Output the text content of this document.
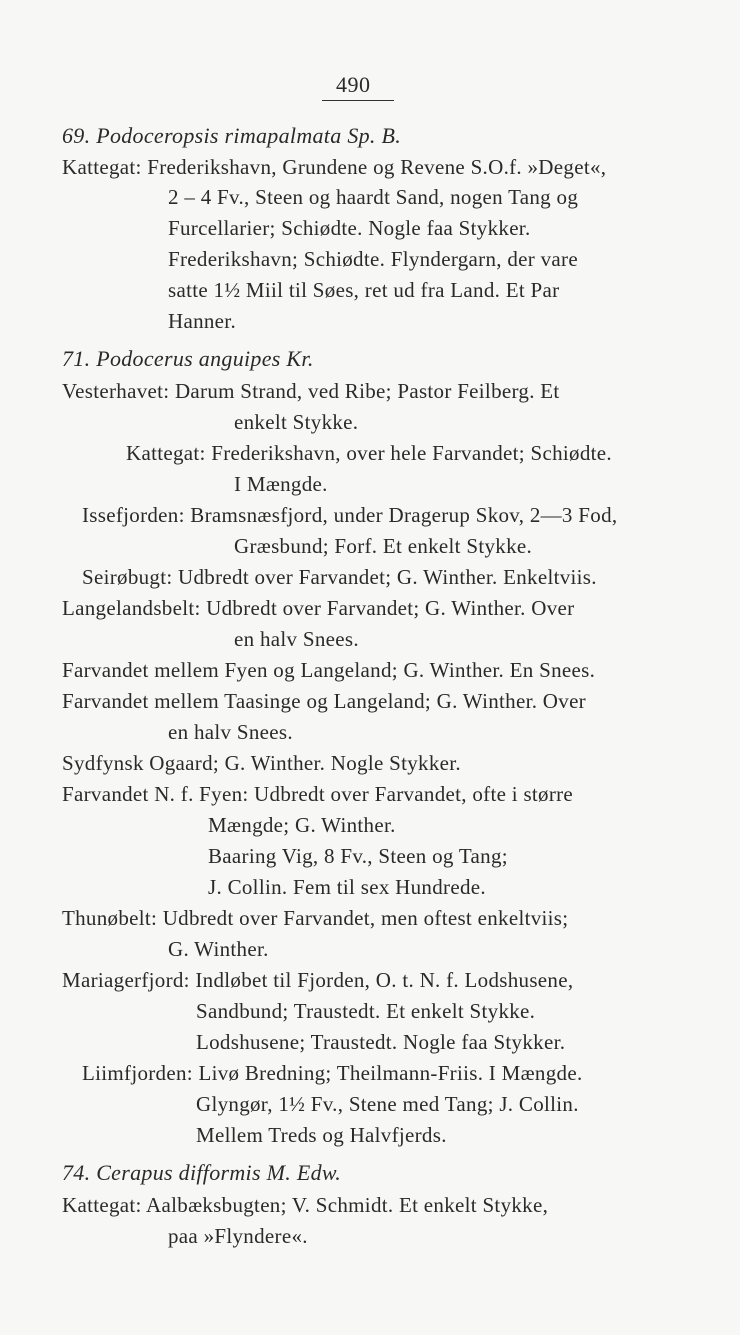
490
69. Podoceropsis rimapalmata Sp. B.
Kattegat: Frederikshavn, Grundene og Revene S.O.f. »Deget«,
2 – 4 Fv., Steen og haardt Sand, nogen Tang og
Furcellarier; Schiødte. Nogle faa Stykker.
Frederikshavn; Schiødte. Flyndergarn, der vare
satte 1½ Miil til Søes, ret ud fra Land. Et Par
Hanner.
71. Podocerus anguipes Kr.
Vesterhavet: Darum Strand, ved Ribe; Pastor Feilberg. Et
enkelt Stykke.
Kattegat: Frederikshavn, over hele Farvandet; Schiødte.
I Mængde.
Issefjorden: Bramsnæsfjord, under Dragerup Skov, 2—3 Fod,
Græsbund; Forf. Et enkelt Stykke.
Seirøbugt: Udbredt over Farvandet; G. Winther. Enkeltviis.
Langelandsbelt: Udbredt over Farvandet; G. Winther. Over
en halv Snees.
Farvandet mellem Fyen og Langeland; G. Winther. En Snees.
Farvandet mellem Taasinge og Langeland; G. Winther. Over
en halv Snees.
Sydfynsk Ogaard; G. Winther. Nogle Stykker.
Farvandet N. f. Fyen: Udbredt over Farvandet, ofte i større
Mængde; G. Winther.
Baaring Vig, 8 Fv., Steen og Tang;
J. Collin. Fem til sex Hundrede.
Thunøbelt: Udbredt over Farvandet, men oftest enkeltviis;
G. Winther.
Mariagerfjord: Indløbet til Fjorden, O. t. N. f. Lodshusene,
Sandbund; Traustedt. Et enkelt Stykke.
Lodshusene; Traustedt. Nogle faa Stykker.
Liimfjorden: Livø Bredning; Theilmann-Friis. I Mængde.
Glyngør, 1½ Fv., Stene med Tang; J. Collin.
Mellem Treds og Halvfjerds.
74. Cerapus difformis M. Edw.
Kattegat: Aalbæksbugten; V. Schmidt. Et enkelt Stykke,
paa »Flyndere«.
